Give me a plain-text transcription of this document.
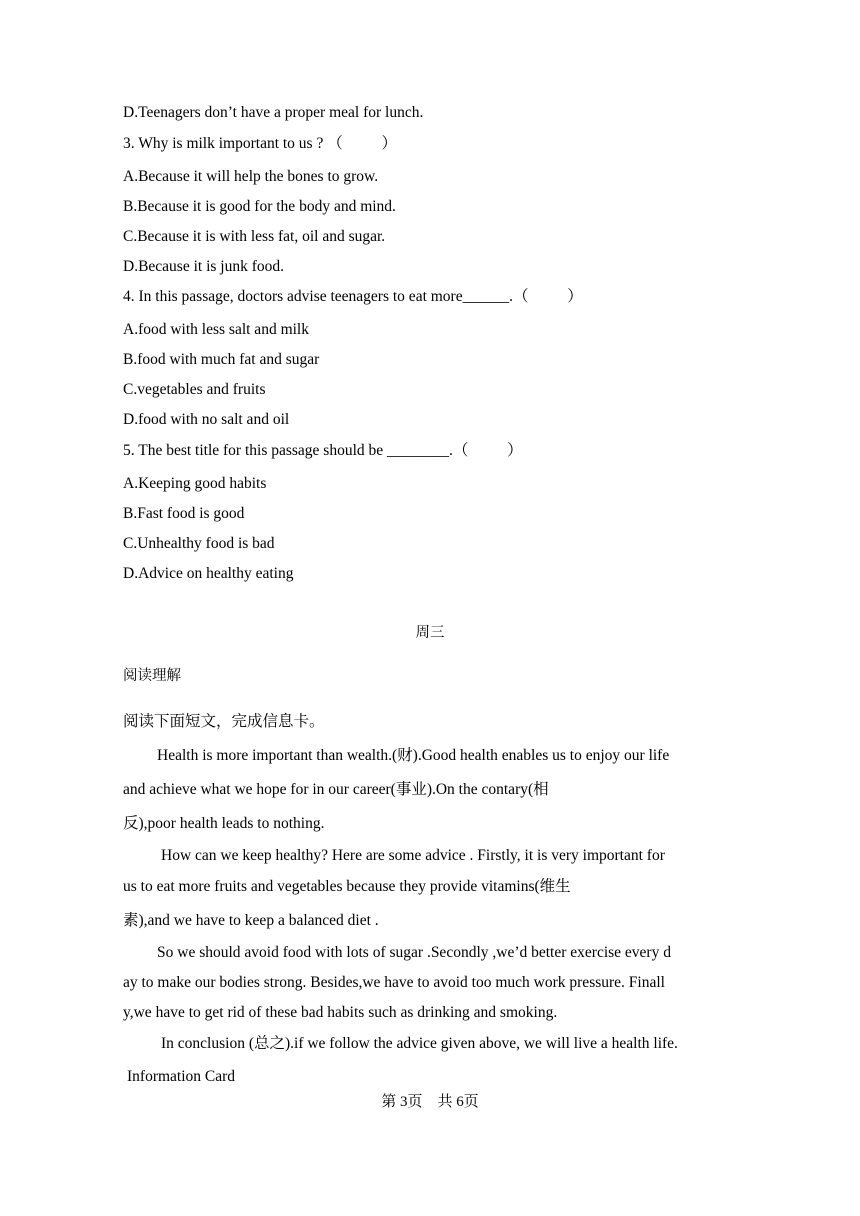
D.Teenagers don’t have a proper meal for lunch.
3. Why is milk important to us ? （          ）
A.Because it will help the bones to grow.
B.Because it is good for the body and mind.
C.Because it is with less fat, oil and sugar.
D.Because it is junk food.
4. In this passage, doctors advise teenagers to eat more______.（          ）
A.food with less salt and milk
B.food with much fat and sugar
C.vegetables and fruits
D.food with no salt and oil
5. The best title for this passage should be ________.（          ）
A.Keeping good habits
B.Fast food is good
C.Unhealthy food is bad
D.Advice on healthy eating
周三
阅读理解
阅读下面短文，完成信息卡。
Health is more important than wealth.(财).Good health enables us to enjoy our life
and achieve what we hope for in our career(事业).On the contary(相
反),poor health leads to nothing.
How can we keep healthy? Here are some advice . Firstly, it is very important for
us to eat more fruits and vegetables because they provide vitamins(维生
素),and we have to keep a balanced diet .
So we should avoid food with lots of sugar .Secondly ,we’d better exercise every d
ay to make our bodies strong. Besides,we have to avoid too much work pressure. Finall
y,we have to get rid of these bad habits such as drinking and smoking.
In conclusion (总之).if we follow the advice given above, we will live a health life.
Information Card
第 3页    共 6页
